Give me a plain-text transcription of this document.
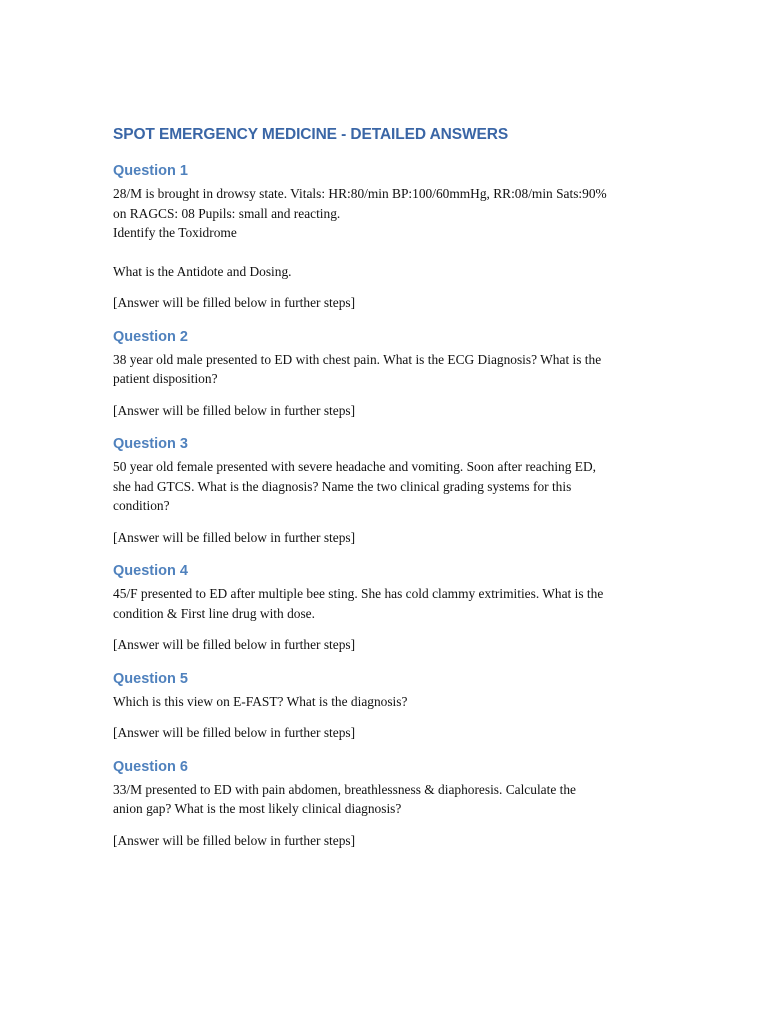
SPOT EMERGENCY MEDICINE - DETAILED ANSWERS
Question 1

28/M is brought in drowsy state. Vitals: HR:80/min BP:100/60mmHg, RR:08/min Sats:90%

on RAGCS: 08 Pupils: small and reacting.

Identify the Toxidrome

What is the Antidote and Dosing.

[Answer will be filled below in further steps]

Question 2

38 year old male presented to ED with chest pain. What is the ECG Diagnosis? What is the

patient disposition?

[Answer will be filled below in further steps]

Question 3

50 year old female presented with severe headache and vomiting. Soon after reaching ED,

she had GTCS. What is the diagnosis? Name the two clinical grading systems for this

condition?

[Answer will be filled below in further steps]

Question 4

45/F presented to ED after multiple bee sting. She has cold clammy extrimities. What is the

condition & First line drug with dose.

[Answer will be filled below in further steps]

Question 5

Which is this view on E-FAST? What is the diagnosis?

[Answer will be filled below in further steps]

Question 6

33/M presented to ED with pain abdomen, breathlessness & diaphoresis. Calculate the

anion gap? What is the most likely clinical diagnosis?

[Answer will be filled below in further steps]
